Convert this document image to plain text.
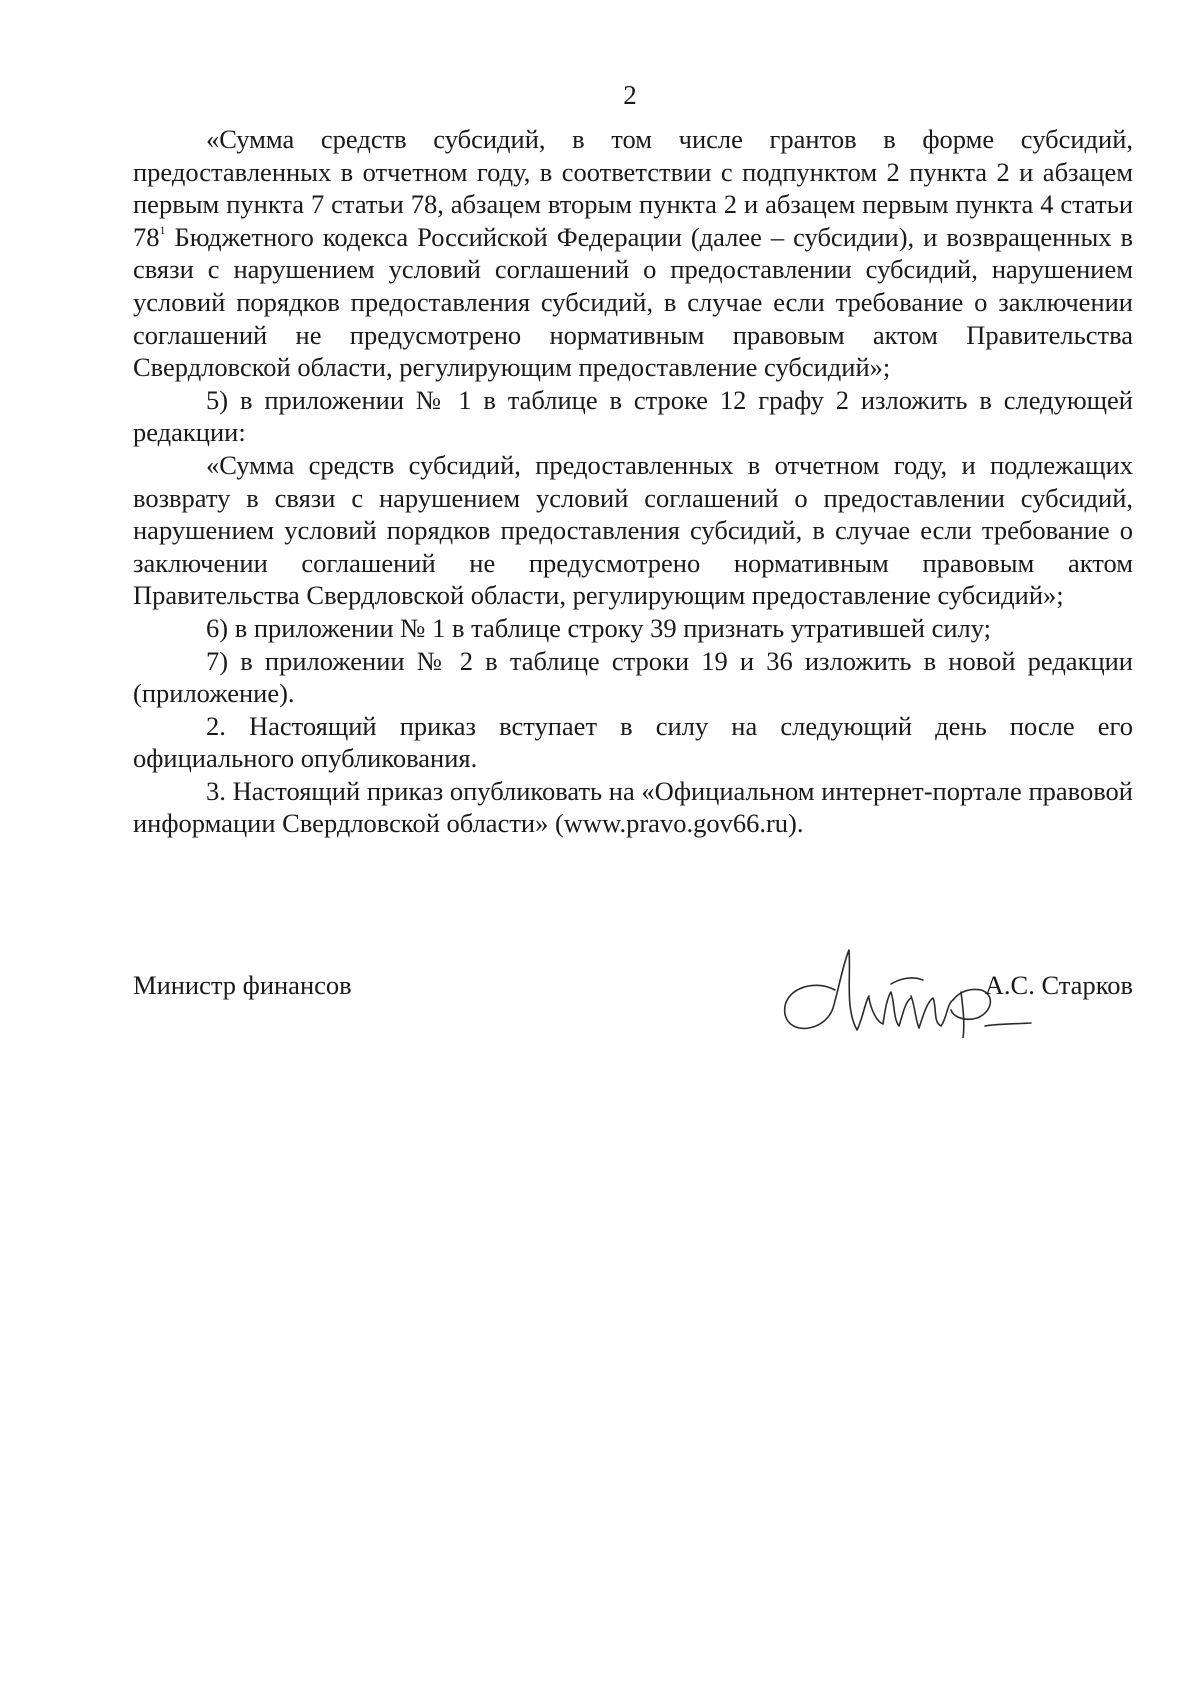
2

«Сумма средств субсидий, в том числе грантов в форме субсидий, предоставленных в отчетном году, в соответствии с подпунктом 2 пункта 2 и абзацем первым пункта 7 статьи 78, абзацем вторым пункта 2 и абзацем первым пункта 4 статьи $78^1$ Бюджетного кодекса Российской Федерации (далее – субсидии), и возвращенных в связи с нарушением условий соглашений о предоставлении субсидий, нарушением условий порядков предоставления субсидий, в случае если требование о заключении соглашений не предусмотрено нормативным правовым актом Правительства Свердловской области, регулирующим предоставление субсидий»;

5) в приложении № 1 в таблице в строке 12 графу 2 изложить в следующей редакции:

«Сумма средств субсидий, предоставленных в отчетном году, и подлежащих возврату в связи с нарушением условий соглашений о предоставлении субсидий, нарушением условий порядков предоставления субсидий, в случае если требование о заключении соглашений не предусмотрено нормативным правовым актом Правительства Свердловской области, регулирующим предоставление субсидий»;

6) в приложении № 1 в таблице строку 39 признать утратившей силу;

7) в приложении № 2 в таблице строки 19 и 36 изложить в новой редакции (приложение).

2. Настоящий приказ вступает в силу на следующий день после его официального опубликования.

3. Настоящий приказ опубликовать на «Официальном интернет-портале правовой информации Свердловской области» (www.pravo.gov66.ru).

Министр финансов	А.С. Старков
